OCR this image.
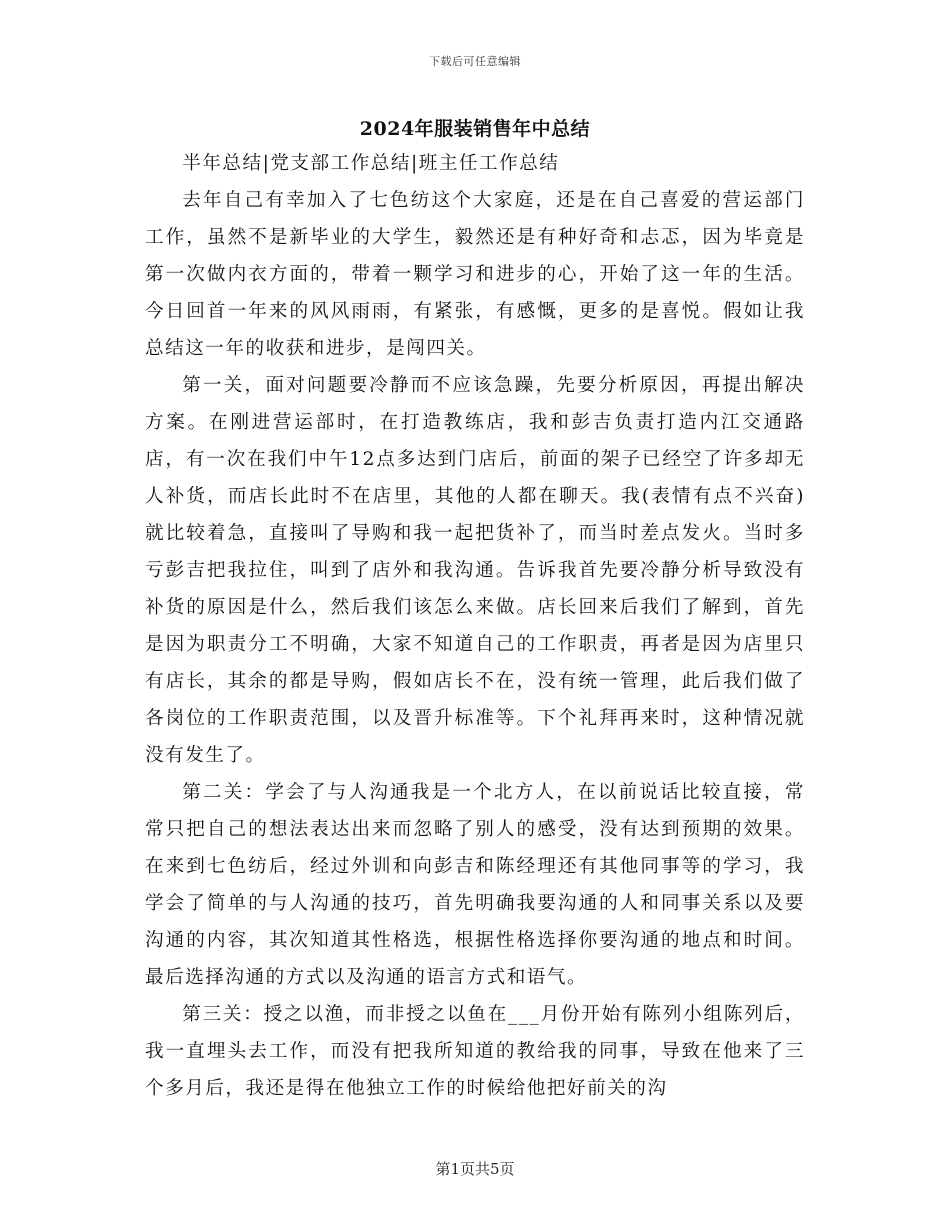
下载后可任意编辑
2024年服装销售年中总结

半年总结|党支部工作总结|班主任工作总结

去年自己有幸加入了七色纺这个大家庭，还是在自己喜爱的营运部门工作，虽然不是新毕业的大学生，毅然还是有种好奇和忐忑，因为毕竟是第一次做内衣方面的，带着一颗学习和进步的心，开始了这一年的生活。今日回首一年来的风风雨雨，有紧张，有感慨，更多的是喜悦。假如让我总结这一年的收获和进步，是闯四关。

第一关，面对问题要冷静而不应该急躁，先要分析原因，再提出解决方案。在刚进营运部时，在打造教练店，我和彭吉负责打造内江交通路店，有一次在我们中午12点多达到门店后，前面的架子已经空了许多却无人补货，而店长此时不在店里，其他的人都在聊天。我(表情有点不兴奋)就比较着急，直接叫了导购和我一起把货补了，而当时差点发火。当时多亏彭吉把我拉住，叫到了店外和我沟通。告诉我首先要冷静分析导致没有补货的原因是什么，然后我们该怎么来做。店长回来后我们了解到，首先是因为职责分工不明确，大家不知道自己的工作职责，再者是因为店里只有店长，其余的都是导购，假如店长不在，没有统一管理，此后我们做了各岗位的工作职责范围，以及晋升标准等。下个礼拜再来时，这种情况就没有发生了。

第二关：学会了与人沟通我是一个北方人，在以前说话比较直接，常常只把自己的想法表达出来而忽略了别人的感受，没有达到预期的效果。在来到七色纺后，经过外训和向彭吉和陈经理还有其他同事等的学习，我学会了简单的与人沟通的技巧，首先明确我要沟通的人和同事关系以及要沟通的内容，其次知道其性格选，根据性格选择你要沟通的地点和时间。最后选择沟通的方式以及沟通的语言方式和语气。

第三关：授之以渔，而非授之以鱼在___月份开始有陈列小组陈列后，我一直埋头去工作，而没有把我所知道的教给我的同事，导致在他来了三个多月后，我还是得在他独立工作的时候给他把好前关的沟

第1页共5页
